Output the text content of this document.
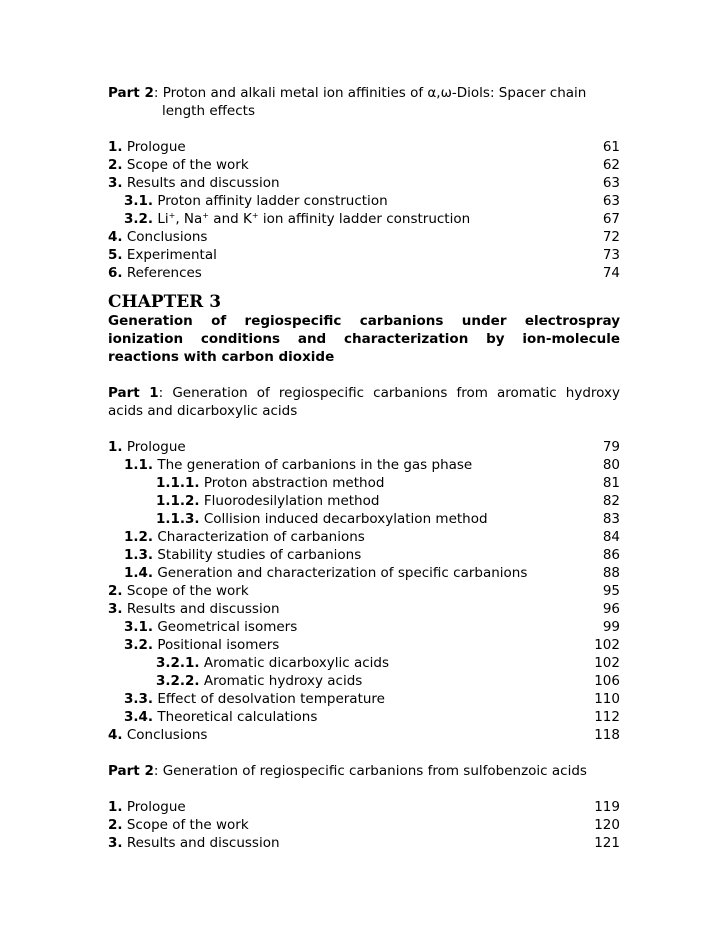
Part 2: Proton and alkali metal ion affinities of α,ω-Diols: Spacer chain
length effects
1. Prologue	61
2. Scope of the work	62
3. Results and discussion	63
3.1. Proton affinity ladder construction	63
3.2. Li+, Na+ and K+ ion affinity ladder construction	67
4. Conclusions	72
5. Experimental	73
6. References	74
CHAPTER 3
Generation of regiospecific carbanions under electrospray ionization conditions and characterization by ion-molecule reactions with carbon dioxide
Part 1: Generation of regiospecific carbanions from aromatic hydroxy acids and dicarboxylic acids
1. Prologue	79
1.1. The generation of carbanions in the gas phase	80
1.1.1. Proton abstraction method	81
1.1.2. Fluorodesilylation method	82
1.1.3. Collision induced decarboxylation method	83
1.2. Characterization of carbanions	84
1.3. Stability studies of carbanions	86
1.4. Generation and characterization of specific carbanions	88
2. Scope of the work	95
3. Results and discussion	96
3.1. Geometrical isomers	99
3.2. Positional isomers	102
3.2.1. Aromatic dicarboxylic acids	102
3.2.2. Aromatic hydroxy acids	106
3.3. Effect of desolvation temperature	110
3.4. Theoretical calculations	112
4. Conclusions	118
Part 2: Generation of regiospecific carbanions from sulfobenzoic acids
1. Prologue	119
2. Scope of the work	120
3. Results and discussion	121
